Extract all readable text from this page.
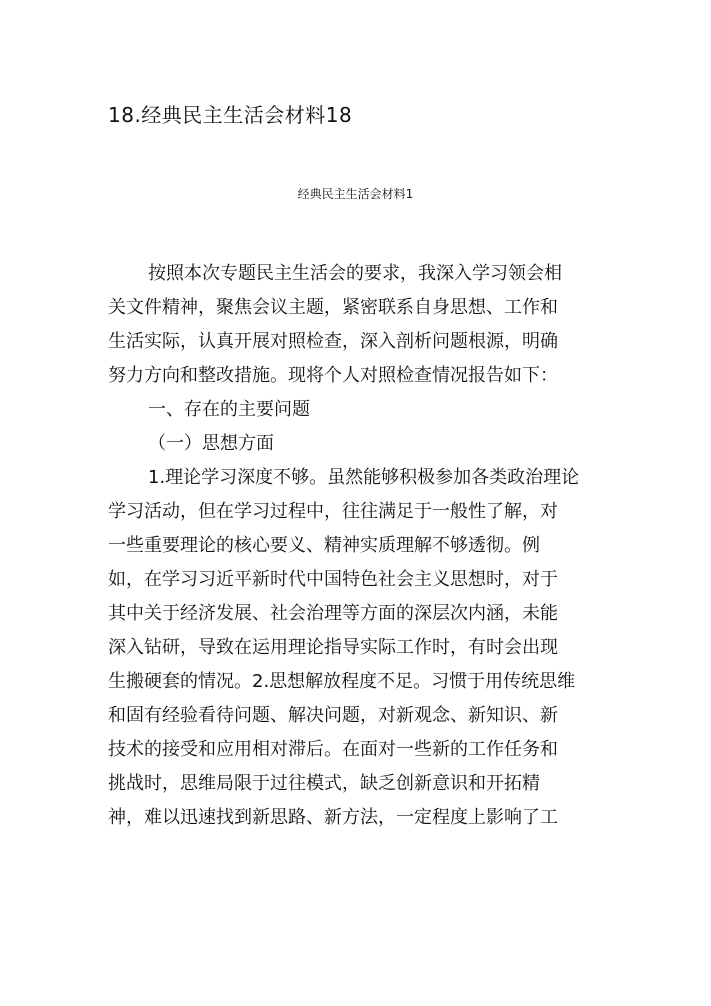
18.经典民主生活会材料18
经典民主生活会材料1
按照本次专题民主生活会的要求，我深入学习领会相
关文件精神，聚焦会议主题，紧密联系自身思想、工作和
生活实际，认真开展对照检查，深入剖析问题根源，明确
努力方向和整改措施。现将个人对照检查情况报告如下：
一、存在的主要问题
（一）思想方面
1.理论学习深度不够。虽然能够积极参加各类政治理论
学习活动，但在学习过程中，往往满足于一般性了解，对
一些重要理论的核心要义、精神实质理解不够透彻。例
如，在学习习近平新时代中国特色社会主义思想时，对于
其中关于经济发展、社会治理等方面的深层次内涵，未能
深入钻研，导致在运用理论指导实际工作时，有时会出现
生搬硬套的情况。2.思想解放程度不足。习惯于用传统思维
和固有经验看待问题、解决问题，对新观念、新知识、新
技术的接受和应用相对滞后。在面对一些新的工作任务和
挑战时，思维局限于过往模式，缺乏创新意识和开拓精
神，难以迅速找到新思路、新方法，一定程度上影响了工
